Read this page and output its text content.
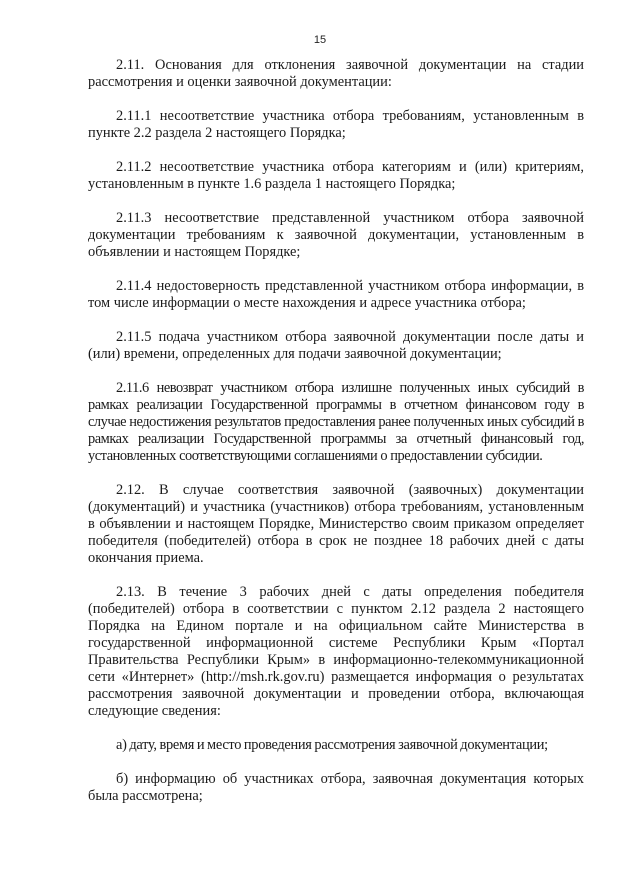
15

2.11. Основания для отклонения заявочной документации на стадии рассмотрения и оценки заявочной документации:

2.11.1 несоответствие участника отбора требованиям, установленным в пункте 2.2 раздела 2 настоящего Порядка;

2.11.2 несоответствие участника отбора категориям и (или) критериям, установленным в пункте 1.6 раздела 1 настоящего Порядка;

2.11.3 несоответствие представленной участником отбора заявочной документации требованиям к заявочной документации, установленным в объявлении и настоящем Порядке;

2.11.4 недостоверность представленной участником отбора информации, в том числе информации о месте нахождения и адресе участника отбора;

2.11.5 подача участником отбора заявочной документации после даты и (или) времени, определенных для подачи заявочной документации;

2.11.6 невозврат участником отбора излишне полученных иных субсидий в рамках реализации Государственной программы в отчетном финансовом году в случае недостижения результатов предоставления ранее полученных иных субсидий в рамках реализации Государственной программы за отчетный финансовый год, установленных соответствующими соглашениями о предоставлении субсидии.

2.12. В случае соответствия заявочной (заявочных) документации (документаций) и участника (участников) отбора требованиям, установленным в объявлении и настоящем Порядке, Министерство своим приказом определяет победителя (победителей) отбора в срок не позднее 18 рабочих дней с даты окончания приема.

2.13. В течение 3 рабочих дней с даты определения победителя (победителей) отбора в соответствии с пунктом 2.12 раздела 2 настоящего Порядка на Едином портале и на официальном сайте Министерства в государственной информационной системе Республики Крым «Портал Правительства Республики Крым» в информационно-телекоммуникационной сети «Интернет» (http://msh.rk.gov.ru) размещается информация о результатах рассмотрения заявочной документации и проведении отбора, включающая следующие сведения:

а) дату, время и место проведения рассмотрения заявочной документации;

б) информацию об участниках отбора, заявочная документация которых была рассмотрена;
